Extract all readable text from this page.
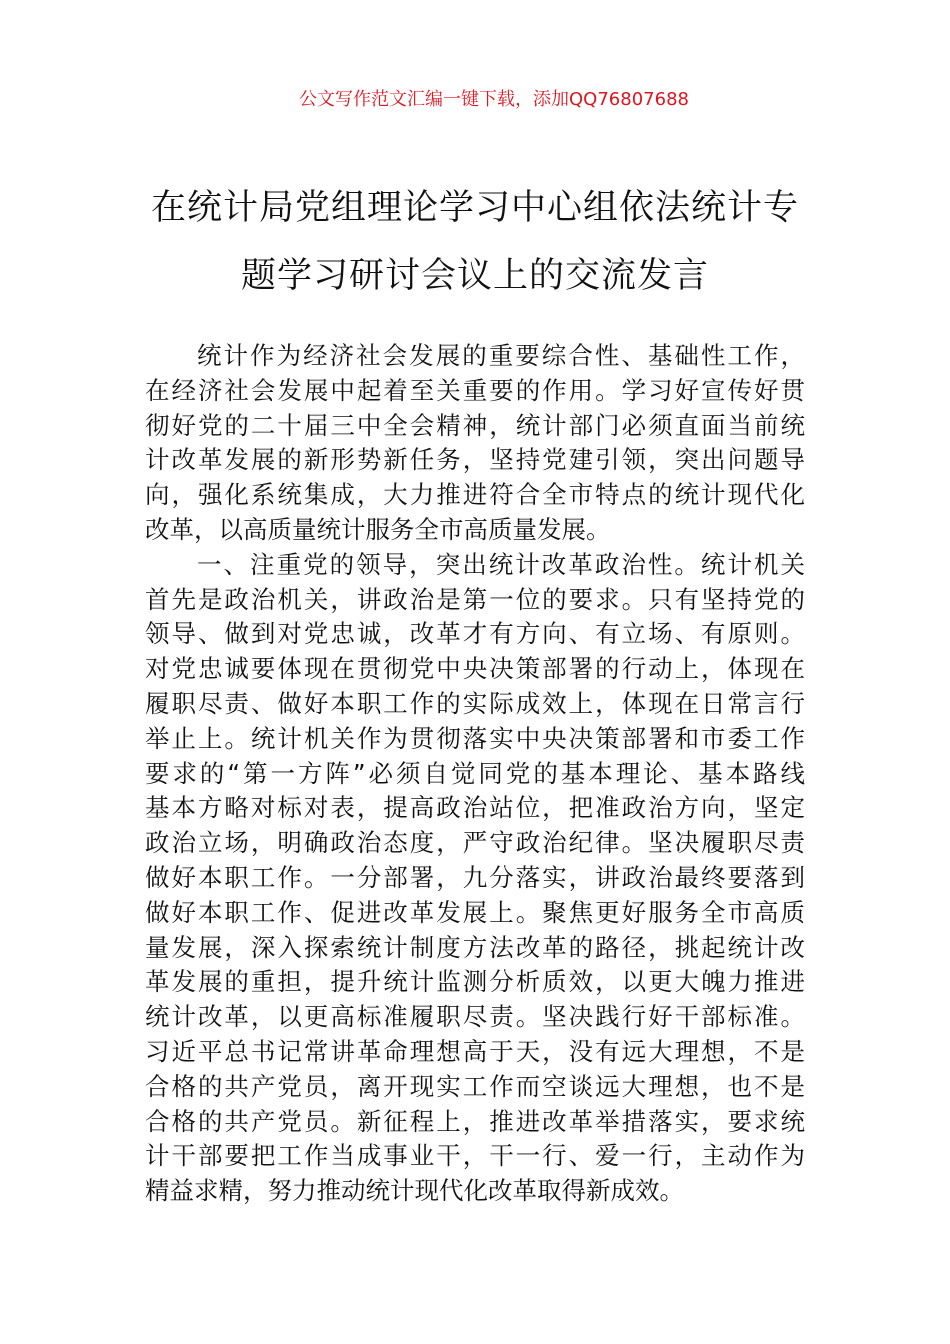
公文写作范文汇编一键下载，添加QQ76807688
在统计局党组理论学习中心组依法统计专
题学习研讨会议上的交流发言
统计作为经济社会发展的重要综合性、基础性工作，
在经济社会发展中起着至关重要的作用。学习好宣传好贯
彻好党的二十届三中全会精神，统计部门必须直面当前统
计改革发展的新形势新任务，坚持党建引领，突出问题导
向，强化系统集成，大力推进符合全市特点的统计现代化
改革，以高质量统计服务全市高质量发展。
一、注重党的领导，突出统计改革政治性。统计机关
首先是政治机关，讲政治是第一位的要求。只有坚持党的
领导、做到对党忠诚，改革才有方向、有立场、有原则。
对党忠诚要体现在贯彻党中央决策部署的行动上，体现在
履职尽责、做好本职工作的实际成效上，体现在日常言行
举止上。统计机关作为贯彻落实中央决策部署和市委工作
要求的“第一方阵”必须自觉同党的基本理论、基本路线
基本方略对标对表，提高政治站位，把准政治方向，坚定
政治立场，明确政治态度，严守政治纪律。坚决履职尽责
做好本职工作。一分部署，九分落实，讲政治最终要落到
做好本职工作、促进改革发展上。聚焦更好服务全市高质
量发展，深入探索统计制度方法改革的路径，挑起统计改
革发展的重担，提升统计监测分析质效，以更大魄力推进
统计改革，以更高标准履职尽责。坚决践行好干部标准。
习近平总书记常讲革命理想高于天，没有远大理想，不是
合格的共产党员，离开现实工作而空谈远大理想，也不是
合格的共产党员。新征程上，推进改革举措落实，要求统
计干部要把工作当成事业干，干一行、爱一行，主动作为
精益求精，努力推动统计现代化改革取得新成效。
